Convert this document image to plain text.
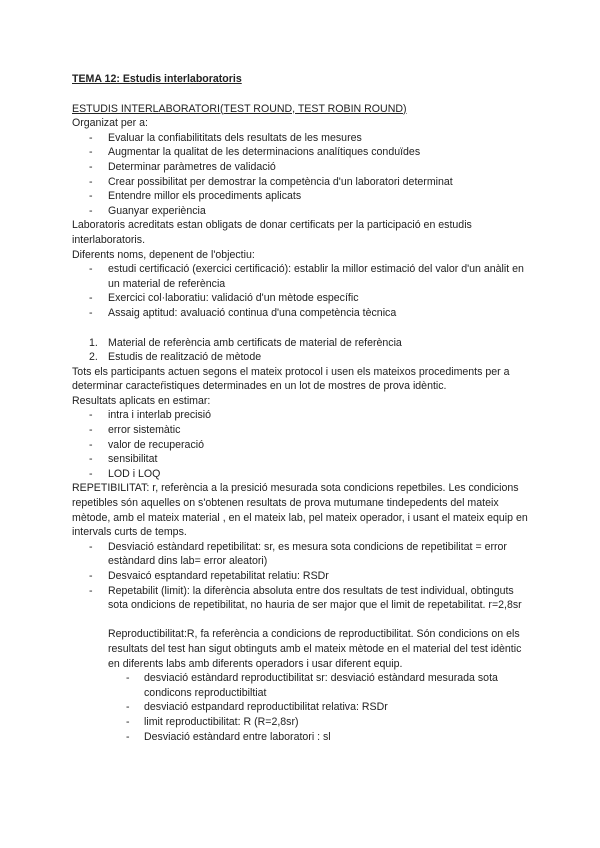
TEMA 12: Estudis interlaboratoris

ESTUDIS INTERLABORATORI(TEST ROUND, TEST ROBIN ROUND)

Organizat per a:

- Evaluar la confiabilititats dels resultats de les mesures
- Augmentar la qualitat de les determinacions analítiques conduïdes
- Determinar paràmetres de validació
- Crear possibilitat per demostrar la competència d'un laboratori determinat
- Entendre millor els procediments aplicats
- Guanyar experiència

Laboratoris acreditats estan obligats de donar certificats per la participació en estudis interlaboratoris.

Diferents noms, depenent de l'objectiu:

- estudi certificació (exercici certificació): establir la millor estimació del valor d'un anàlit en un material de referència
- Exercici col·laboratiu: validació d'un mètode específic
- Assaig aptitud: avaluació continua d'una competència tècnica
1. Material de referència amb certificats de material de referència
2. Estudis de realització de mètode

Tots els participants actuen segons el mateix protocol i usen els mateixos procediments per a determinar caracteŕistiques determinades en un lot de mostres de prova idèntic.

Resultats aplicats en estimar:

- intra i interlab precisió
- error sistemàtic
- valor de recuperació
- sensibilitat
- LOD i LOQ

REPETIBILITAT: r, referència a la presició mesurada sota condicions repetbiles. Les condicions repetibles són aquelles on s'obtenen resultats de prova mutumane tindepedents del mateix mètode, amb el mateix material , en el mateix lab, pel mateix operador, i usant el mateix equip en intervals curts de temps.

- Desviació estàndard repetibilitat: sr, es mesura sota condicions de repetibilitat = error estàndard dins lab= error aleatori)
- Desvaicó esptandard repetabilitat relatiu: RSDr
- Repetabilit (limit): la diferència absoluta entre dos resultats de test individual, obtinguts sota ondicions de repetibilitat, no hauria de ser major que el limit de repetabilitat. r=2,8sr

Reproductibilitat:R, fa referència a condicions de reproductibilitat. Són condicions on els resultats del test han sigut obtinguts amb el mateix mètode en el material del test idèntic en diferents labs amb diferents operadors i usar diferent equip.

- desviació estàndard reproductibilitat sr: desviació estàndard mesurada sota condicons reproductibiltiat
- desviació estpandard reproductibilitat relativa: RSDr
- limit reproductibilitat: R (R=2,8sr)
- Desviació estàndard entre laboratori : sl
